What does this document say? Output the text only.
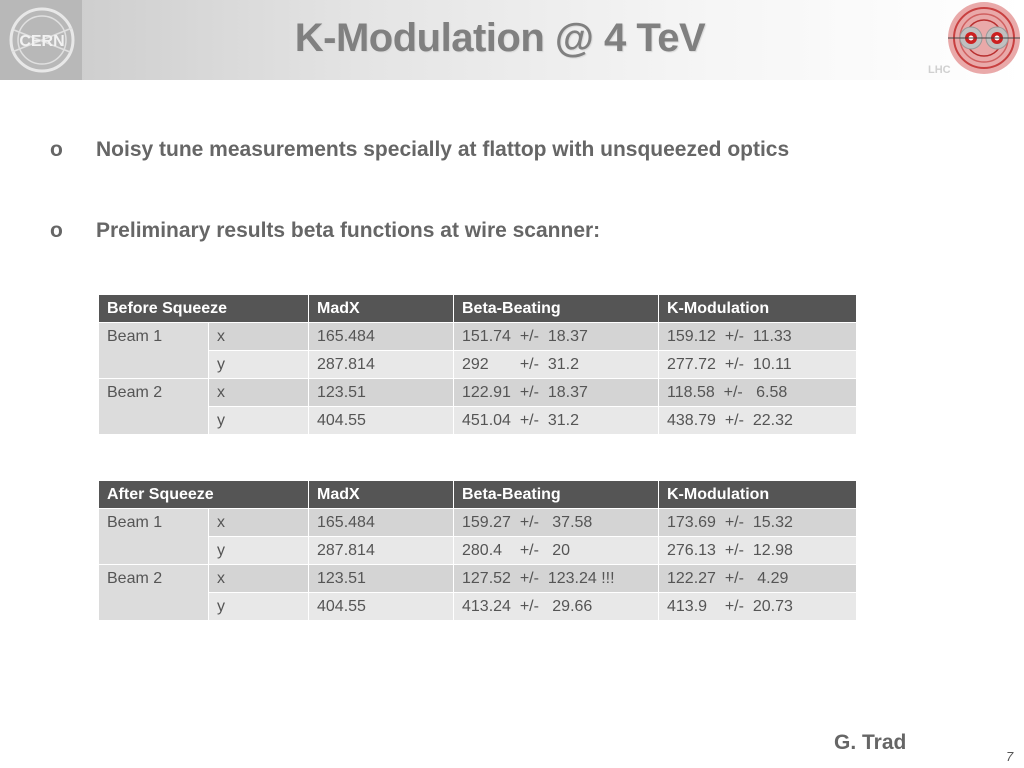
CERN
LHC
K-Modulation @ 4 TeV
o Noisy tune measurements specially at flattop with unsqueezed optics
o Preliminary results beta functions at wire scanner:
Before Squeeze		MadX	Beta-Beating	K-Modulation
Beam 1	x	165.484	151.74  +/-  18.37	159.12  +/-  11.33
	y	287.814	292       +/-  31.2	277.72  +/-  10.11
Beam 2	x	123.51	122.91  +/-  18.37	118.58  +/-   6.58
	y	404.55	451.04  +/-  31.2	438.79  +/-  22.32
After Squeeze		MadX	Beta-Beating	K-Modulation
Beam 1	x	165.484	159.27  +/-   37.58	173.69  +/-  15.32
	y	287.814	280.4    +/-   20	276.13  +/-  12.98
Beam 2	x	123.51	127.52  +/-  123.24 !!!	122.27  +/-   4.29
	y	404.55	413.24  +/-   29.66	413.9    +/-  20.73
G. Trad
7
